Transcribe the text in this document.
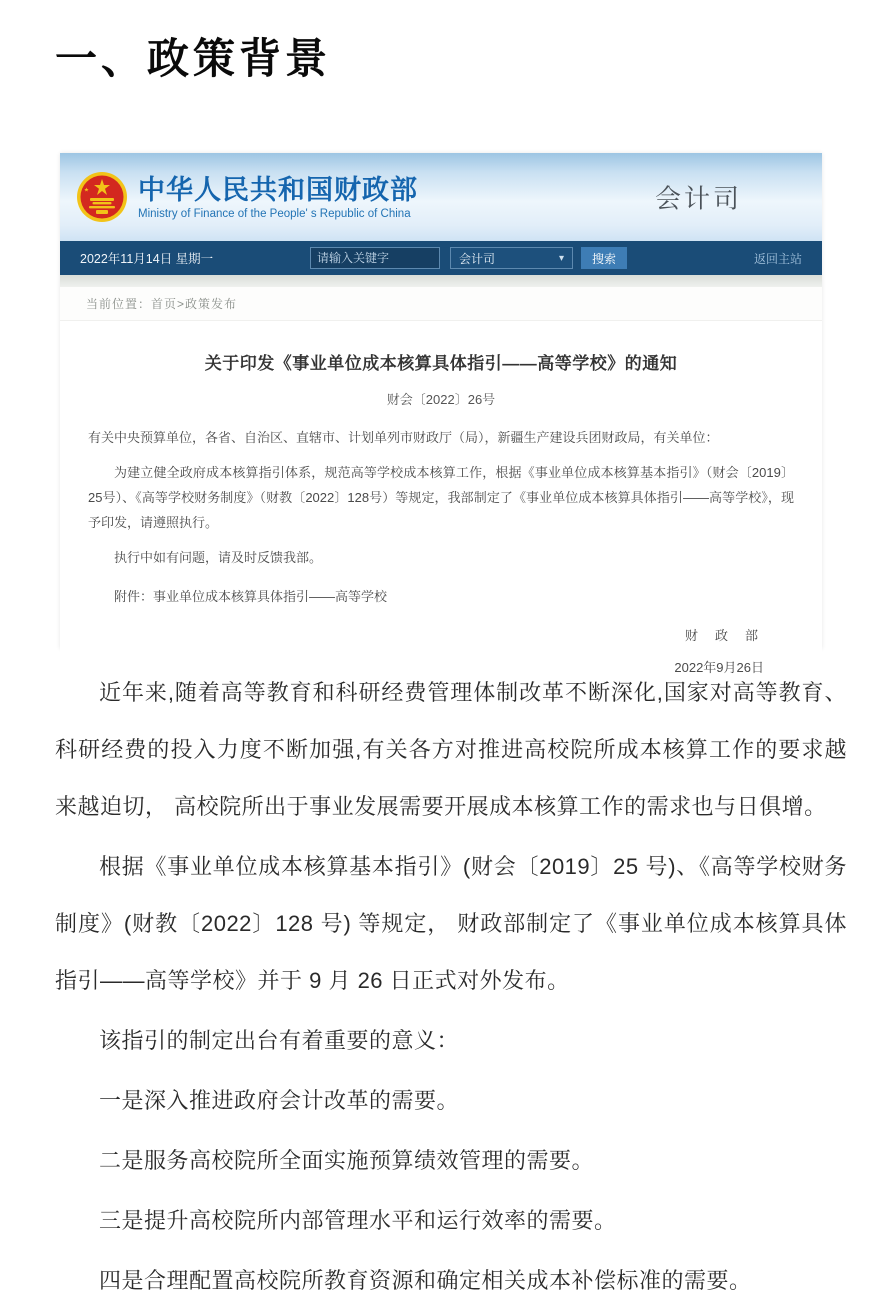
一、政策背景
中华人民共和国财政部
Ministry of Finance of the People' s Republic of China	会计司
2022年11月14日 星期一
请输入关键字	会计司	▾	搜索	返回主站
当前位置：首页>政策发布
关于印发《事业单位成本核算具体指引——高等学校》的通知
财会〔2022〕26号

有关中央预算单位，各省、自治区、直辖市、计划单列市财政厅（局），新疆生产建设兵团财政局，有关单位：

为建立健全政府成本核算指引体系，规范高等学校成本核算工作，根据《事业单位成本核算基本指引》（财会〔2019〕25号）、《高等学校财务制度》（财教〔2022〕128号）等规定，我部制定了《事业单位成本核算具体指引——高等学校》，现予印发，请遵照执行。

执行中如有问题，请及时反馈我部。

附件：事业单位成本核算具体指引——高等学校

财　政　部
2022年9月26日

近年来,随着高等教育和科研经费管理体制改革不断深化,国家对高等教育、科研经费的投入力度不断加强,有关各方对推进高校院所成本核算工作的要求越来越迫切， 高校院所出于事业发展需要开展成本核算工作的需求也与日俱增。

根据《事业单位成本核算基本指引》(财会〔2019〕25 号)、《高等学校财务制度》(财教〔2022〕128 号) 等规定， 财政部制定了《事业单位成本核算具体指引——高等学校》并于 9 月 26 日正式对外发布。

该指引的制定出台有着重要的意义：

一是深入推进政府会计改革的需要。

二是服务高校院所全面实施预算绩效管理的需要。

三是提升高校院所内部管理水平和运行效率的需要。

四是合理配置高校院所教育资源和确定相关成本补偿标准的需要。
